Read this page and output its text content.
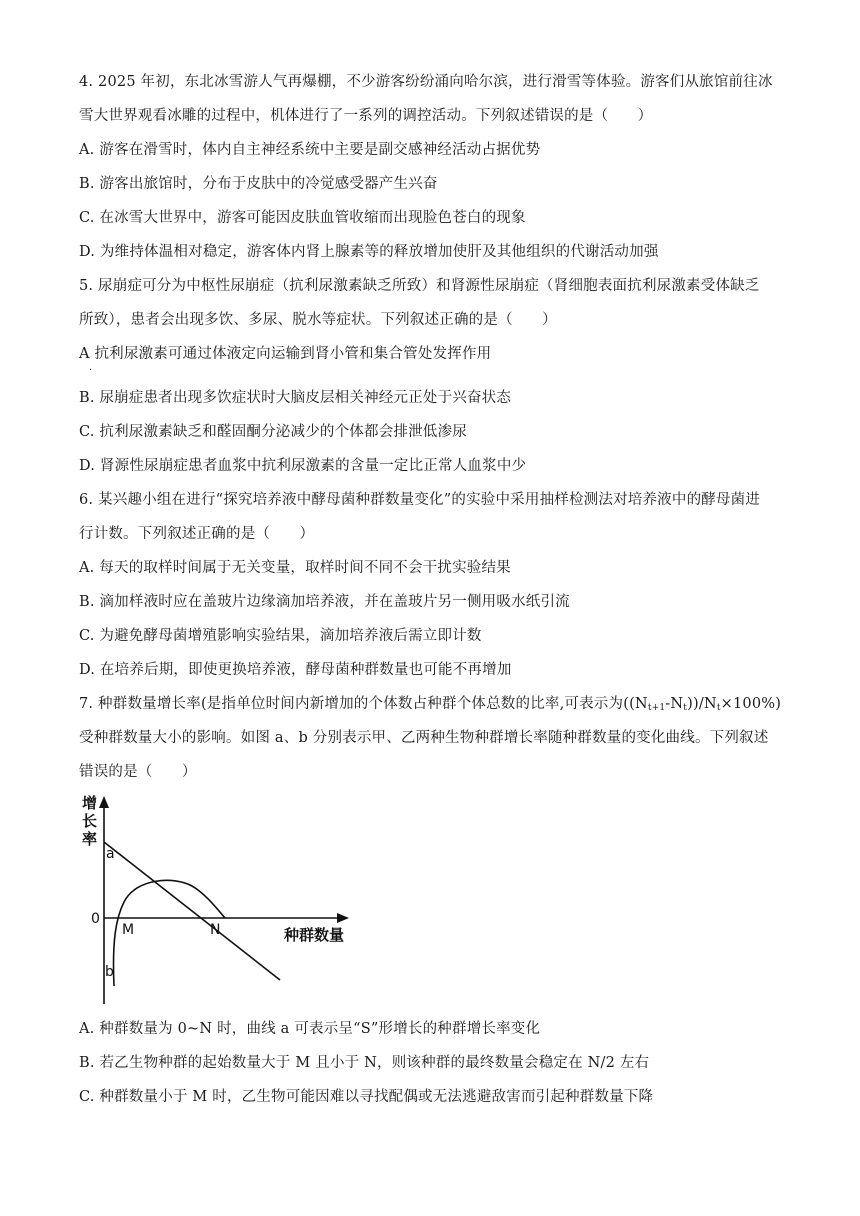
4. 2025 年初，东北冰雪游人气再爆棚，不少游客纷纷涌向哈尔滨，进行滑雪等体验。游客们从旅馆前往冰
雪大世界观看冰雕的过程中，机体进行了一系列的调控活动。下列叙述错误的是（　　）
A. 游客在滑雪时，体内自主神经系统中主要是副交感神经活动占据优势
B. 游客出旅馆时，分布于皮肤中的冷觉感受器产生兴奋
C. 在冰雪大世界中，游客可能因皮肤血管收缩而出现脸色苍白的现象
D. 为维持体温相对稳定，游客体内肾上腺素等的释放增加使肝及其他组织的代谢活动加强
5. 尿崩症可分为中枢性尿崩症（抗利尿激素缺乏所致）和肾源性尿崩症（肾细胞表面抗利尿激素受体缺乏
所致），患者会出现多饮、多尿、脱水等症状。下列叙述正确的是（　　）
A 抗利尿激素可通过体液定向运输到肾小管和集合管处发挥作用
.
B. 尿崩症患者出现多饮症状时大脑皮层相关神经元正处于兴奋状态
C. 抗利尿激素缺乏和醛固酮分泌减少的个体都会排泄低渗尿
D. 肾源性尿崩症患者血浆中抗利尿激素的含量一定比正常人血浆中少
6. 某兴趣小组在进行“探究培养液中酵母菌种群数量变化”的实验中采用抽样检测法对培养液中的酵母菌进
行计数。下列叙述正确的是（　　）
A. 每天的取样时间属于无关变量，取样时间不同不会干扰实验结果
B. 滴加样液时应在盖玻片边缘滴加培养液，并在盖玻片另一侧用吸水纸引流
C. 为避免酵母菌增殖影响实验结果，滴加培养液后需立即计数
D. 在培养后期，即使更换培养液，酵母菌种群数量也可能不再增加
7. 种群数量增长率(是指单位时间内新增加的个体数占种群个体总数的比率,可表示为$((N_{t+1}-N_t))/N_t\times 100\%$)
受种群数量大小的影响。如图 a、b 分别表示甲、乙两种生物种群增长率随种群数量的变化曲线。下列叙述
错误的是（　　）
增
长
率
0
a
b
M	N	种群数量
A. 种群数量为 0~N 时，曲线 a 可表示呈“S”形增长的种群增长率变化
B. 若乙生物种群的起始数量大于 M 且小于 N，则该种群的最终数量会稳定在 N/2 左右
C. 种群数量小于 M 时，乙生物可能因难以寻找配偶或无法逃避敌害而引起种群数量下降
